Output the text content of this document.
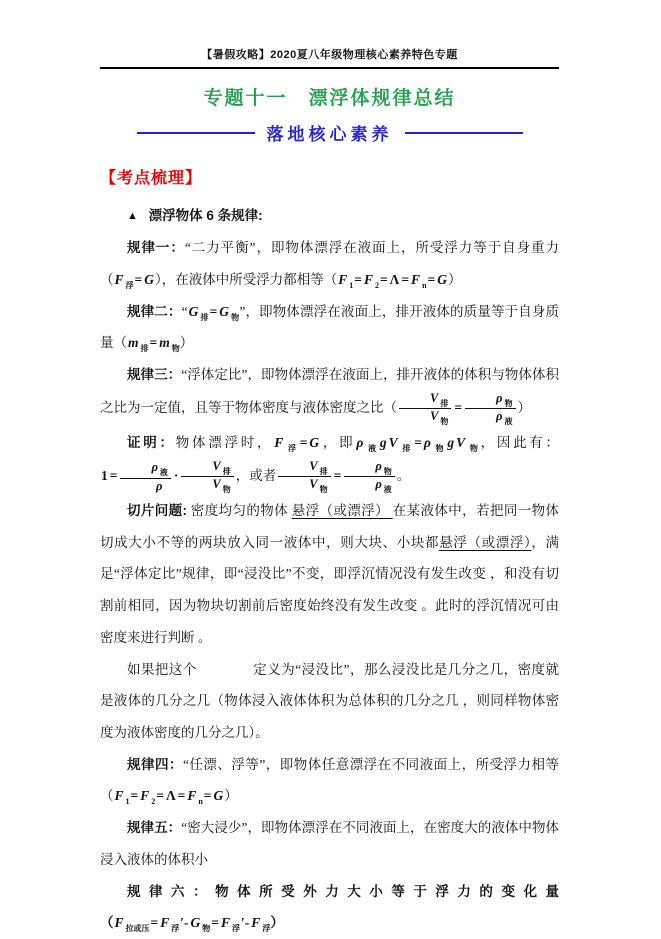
【暑假攻略】2020夏八年级物理核心素养特色专题
专题十一　漂浮体规律总结
落地核心素养
【考点梳理】
▲ 漂浮物体 6 条规律:

规律一：“二力平衡”，即物体漂浮在液面上，所受浮力等于自身重力（F $_浮$= G），在液体中所受浮力都相等（F $_1$= F $_2$= Λ = F $_n$= G）

规律二：“G $_排$= G $_物$”，即物体漂浮在液面上，排开液体的质量等于自身质量（m $_排$= m $_物$）

规律三：“浮体定比”，即物体漂浮在液面上，排开液体的体积与物体体积之比为一定值，且等于物体密度与液体密度之比（ $\frac{V _排}{V _物} = \frac{\rho _物}{\rho _液}$ ）

证明：物体漂浮时，F $_浮$= G，即ρ $_液$g V $_排$= ρ $_物$g V $_物$，因此有：$1 = \frac{\rho _液}{\rho} \cdot \frac{V _排}{V _物}$ ，或者 $\frac{V _排}{V _物} = \frac{\rho _物}{\rho _液}$ 。

切片问题: 密度均匀的物体 悬浮（或漂浮） 在某液体中，若把同一物体切成大小不等的两块放入同一液体中，则大块、小块都悬浮（或漂浮），满足“浮体定比”规律，即“浸没比”不变，即浮沉情况没有发生改变 ，和没有切割前相同，因为物块切割前后密度始终没有发生改变 。此时的浮沉情况可由密度来进行判断 。

如果把这个	定义为“浸没比”，那么浸没比是几分之几，密度就是液体的几分之几（物体浸入液体体积为总体积的几分之几 ，则同样物体密度为液体密度的几分之几）。

规律四：“任漂、浮等”，即物体任意漂浮在不同液面上，所受浮力相等（F $_1$= F $_2$= Λ = F $_n$= G）

规律五：“密大浸少”，即物体漂浮在不同液面上，在密度大的液体中物体浸入液体的体积小

规律六：物体所受外力大小等于浮力的变化量（F $_{拉或压}$= F $_浮$′- G $_物$= F $_浮$′- F $_浮$）
